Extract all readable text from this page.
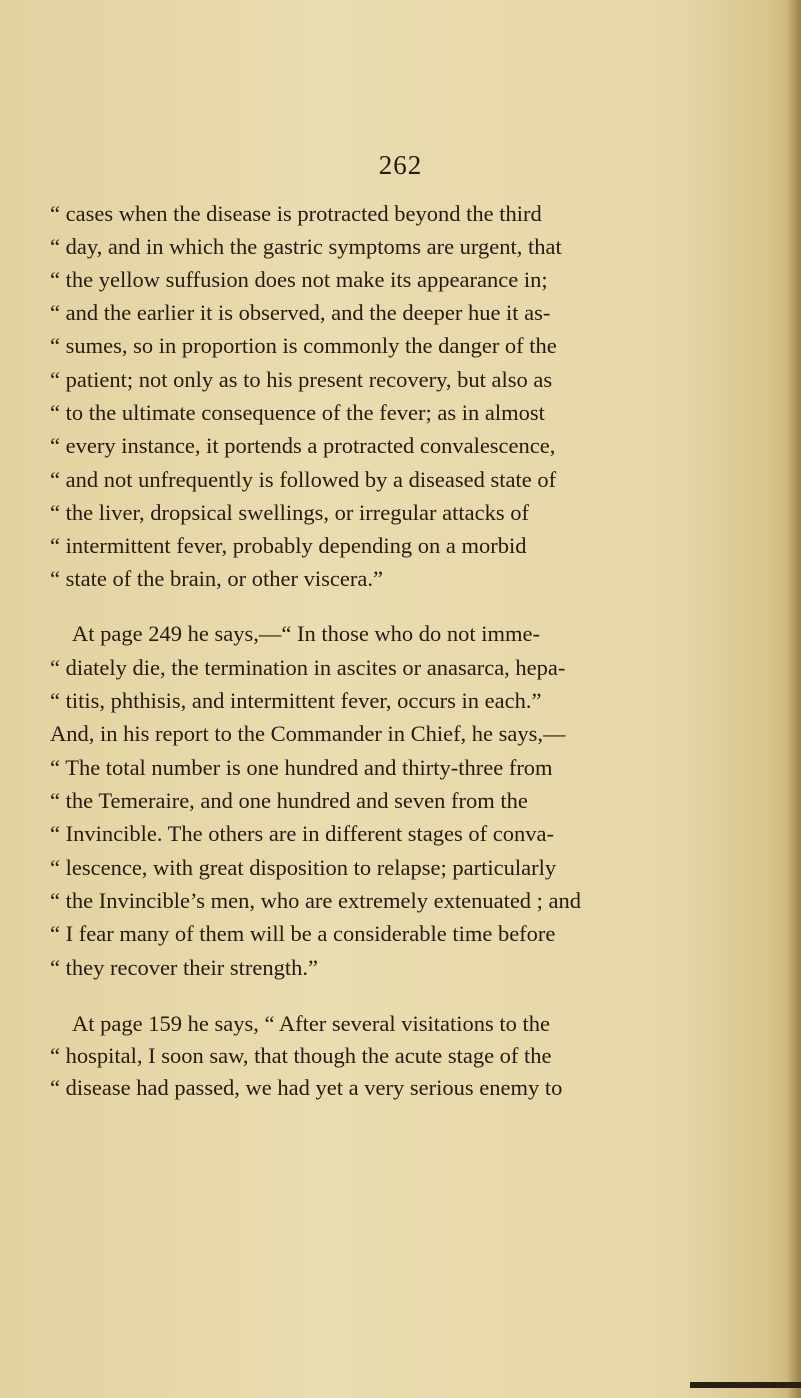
262
“ cases when the disease is protracted beyond the third
“ day, and in which the gastric symptoms are urgent, that
“ the yellow suffusion does not make its appearance in;
“ and the earlier it is observed, and the deeper hue it as-
“ sumes, so in proportion is commonly the danger of the
“ patient; not only as to his present recovery, but also as
“ to the ultimate consequence of the fever; as in almost
“ every instance, it portends a protracted convalescence,
“ and not unfrequently is followed by a diseased state of
“ the liver, dropsical swellings, or irregular attacks of
“ intermittent fever, probably depending on a morbid
“ state of the brain, or other viscera.”
At page 249 he says,—“ In those who do not imme-
“ diately die, the termination in ascites or anasarca, hepa-
“ titis, phthisis, and intermittent fever, occurs in each.”
And, in his report to the Commander in Chief, he says,—
“ The total number is one hundred and thirty-three from
“ the Temeraire, and one hundred and seven from the
“ Invincible. The others are in different stages of conva-
“ lescence, with great disposition to relapse; particularly
“ the Invincible’s men, who are extremely extenuated ; and
“ I fear many of them will be a considerable time before
“ they recover their strength.”
At page 159 he says, “ After several visitations to the
“ hospital, I soon saw, that though the acute stage of the
“ disease had passed, we had yet a very serious enemy to
